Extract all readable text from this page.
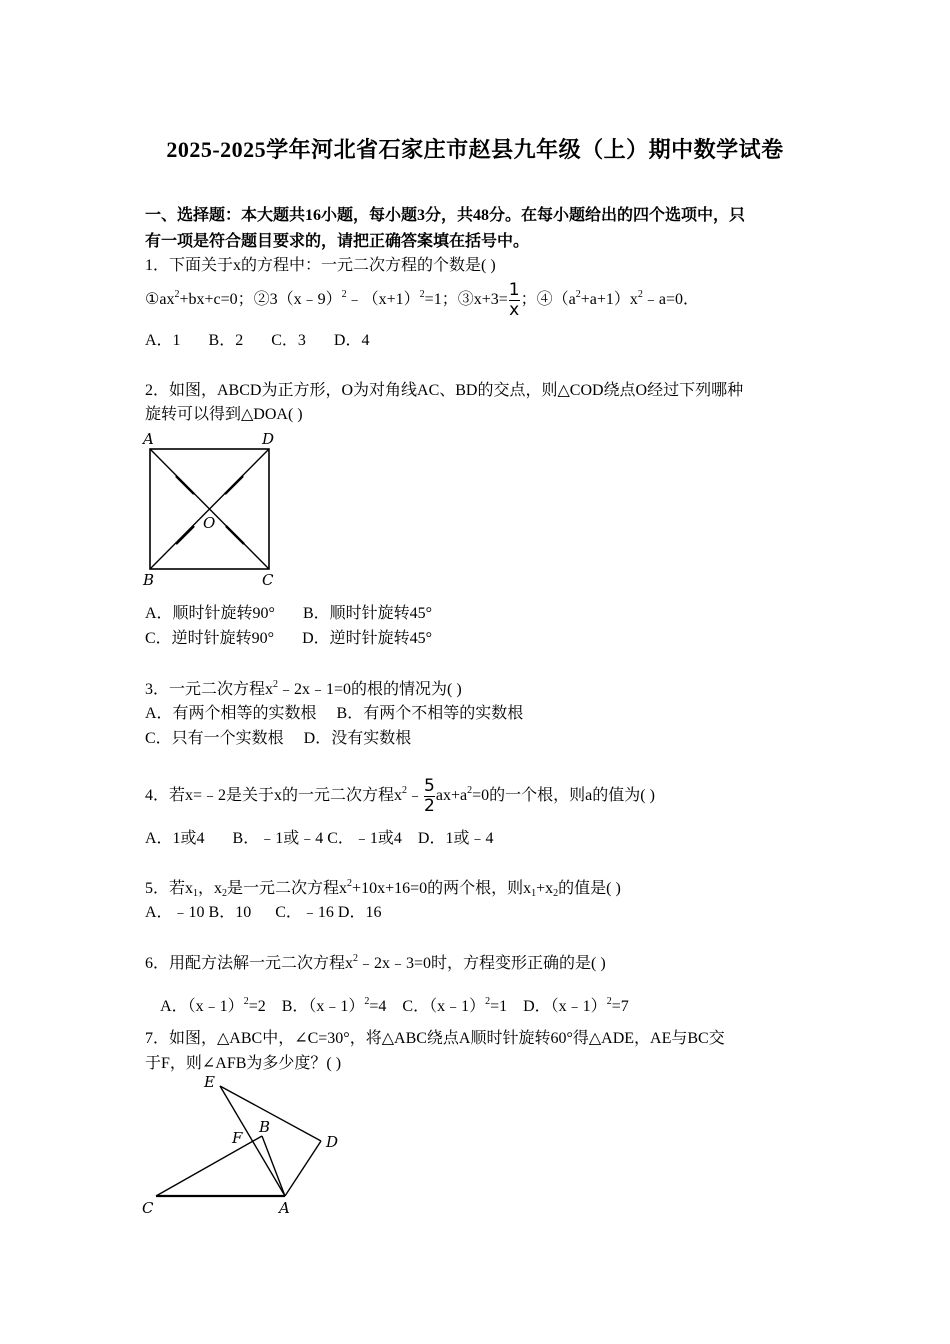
2025-2025学年河北省石家庄市赵县九年级（上）期中数学试卷
一、选择题：本大题共16小题，每小题3分，共48分。在每小题给出的四个选项中，只
有一项是符合题目要求的，请把正确答案填在括号中。
1．下面关于x的方程中：一元二次方程的个数是( )
$①ax^2+bx+c=0$；$②3(x﹣9)^2﹣(x+1)^2=1$；③x+3= $\frac{1}{x}$ ；$④(a^2+a+1)x^2﹣a=0$．
A．1       B．2       C．3       D．4
2．如图，ABCD为正方形，O为对角线AC、BD的交点，则△COD绕点O经过下列哪种
旋转可以得到△DOA( )
A	D
B	C
O
A．顺时针旋转90°       B．顺时针旋转45°
C．逆时针旋转90°       D．逆时针旋转45°
3．一元二次方程$x^2﹣2x﹣1=0$的根的情况为( )
A．有两个相等的实数根     B．有两个不相等的实数根
C．只有一个实数根     D．没有实数根
4．若x=﹣2是关于x的一元二次方程$x^2﹣ \frac{5}{2} ax+a^2=0$的一个根，则a的值为( )
A．1或4       B．﹣1或﹣4 C．﹣1或4    D．1或﹣4
5．若$x_1$，$x_2$是一元二次方程$x^2+10x+16=0$的两个根，则$x_1+x_2$的值是( )
A．﹣10 B．10      C．﹣16 D．16
6．用配方法解一元二次方程$x^2﹣2x﹣3=0$时，方程变形正确的是( )

A．（x﹣1）$^2$=2    B．（x﹣1）$^2$=4    C．（x﹣1）$^2$=1    D．（x﹣1）$^2$=7

7．如图，△ABC中，∠C=30°，将△ABC绕点A顺时针旋转60°得△ADE，AE与BC交
于F，则∠AFB为多少度？( )
E
F
B
D
C	A
